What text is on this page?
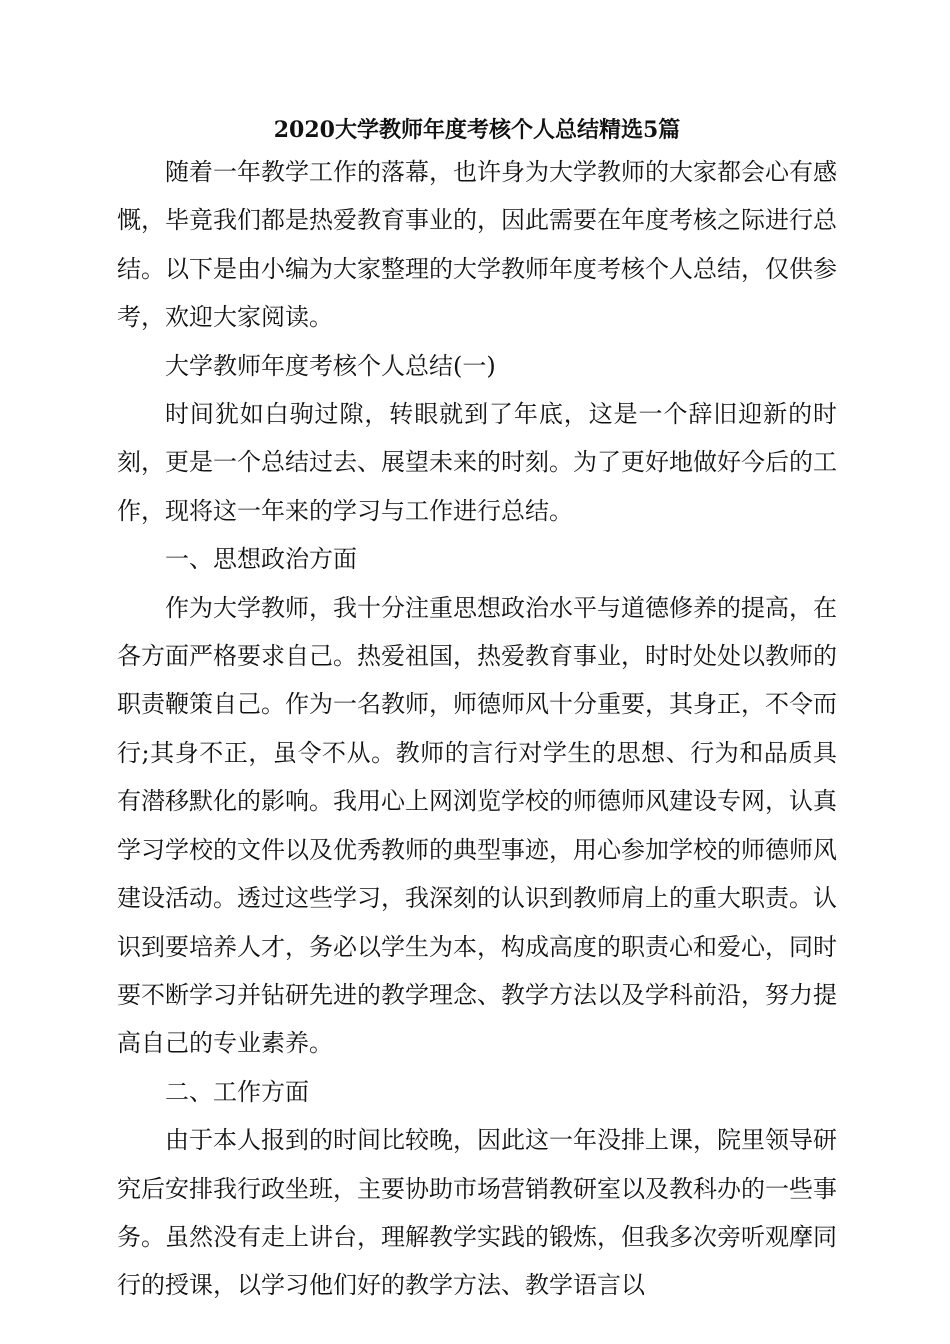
2020大学教师年度考核个人总结精选5篇

随着一年教学工作的落幕，也许身为大学教师的大家都会心有感慨，毕竟我们都是热爱教育事业的，因此需要在年度考核之际进行总结。以下是由小编为大家整理的大学教师年度考核个人总结，仅供参考，欢迎大家阅读。

大学教师年度考核个人总结(一)

时间犹如白驹过隙，转眼就到了年底，这是一个辞旧迎新的时刻，更是一个总结过去、展望未来的时刻。为了更好地做好今后的工作，现将这一年来的学习与工作进行总结。

一、思想政治方面

作为大学教师，我十分注重思想政治水平与道德修养的提高，在各方面严格要求自己。热爱祖国，热爱教育事业，时时处处以教师的职责鞭策自己。作为一名教师，师德师风十分重要，其身正，不令而行;其身不正，虽令不从。教师的言行对学生的思想、行为和品质具有潜移默化的影响。我用心上网浏览学校的师德师风建设专网，认真学习学校的文件以及优秀教师的典型事迹，用心参加学校的师德师风建设活动。透过这些学习，我深刻的认识到教师肩上的重大职责。认识到要培养人才，务必以学生为本，构成高度的职责心和爱心，同时要不断学习并钻研先进的教学理念、教学方法以及学科前沿，努力提高自己的专业素养。

二、工作方面

由于本人报到的时间比较晚，因此这一年没排上课，院里领导研究后安排我行政坐班，主要协助市场营销教研室以及教科办的一些事务。虽然没有走上讲台，理解教学实践的锻炼，但我多次旁听观摩同行的授课，以学习他们好的教学方法、教学语言以
